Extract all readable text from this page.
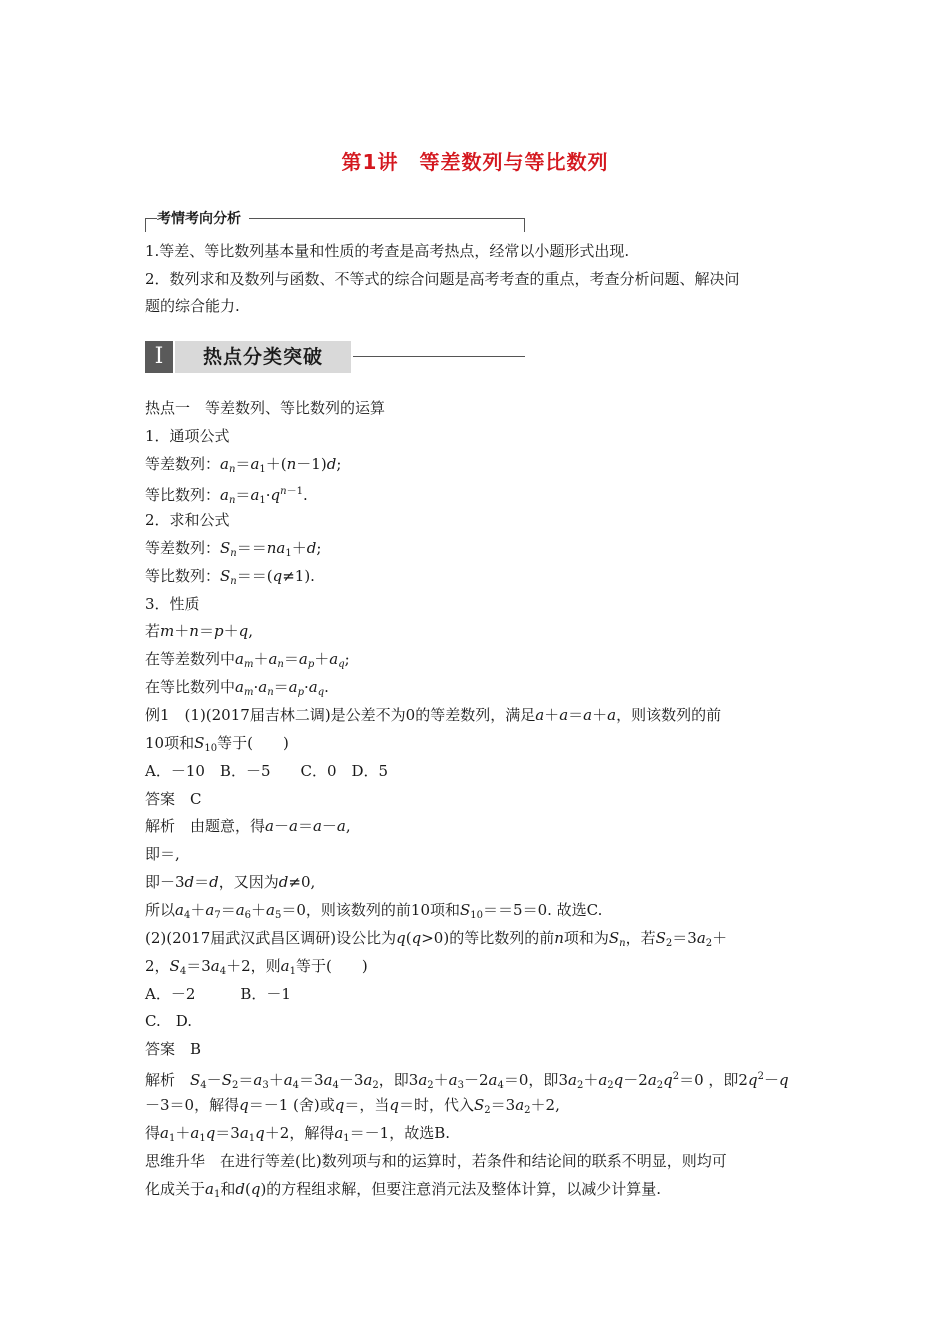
第1讲　等差数列与等比数列
考情考向分析
1.等差、等比数列基本量和性质的考查是高考热点，经常以小题形式出现.
2．数列求和及数列与函数、不等式的综合问题是高考考查的重点，考查分析问题、解决问
题的综合能力.
Ⅰ	热点分类突破
热点一　等差数列、等比数列的运算
1．通项公式
等差数列：$a_n=a_1+(n-1)d$;
等比数列：$a_n=a_1\cdot q^{n-1}$.
2．求和公式
等差数列：$S_n==na_1+d$;
等比数列：$S_n==(q\ne 1)$.
3．性质
若m＋n＝p＋q,
在等差数列中$a_m+a_n=a_p+a_q$;
在等比数列中$a_m\cdot a_n=a_p\cdot a_q$.
例1　(1)(2017届吉林二调)是公差不为0的等差数列，满足a＋a＝a＋a，则该数列的前
10项和$S_{10}$等于(　　)
A．－10　B．－5　　C．0　D．5
答案　C
解析　由题意，得a－a＝a－a,
即＝,
即－3d＝d，又因为d≠0,
所以$a_4+a_7=a_6+a_5=0$，则该数列的前10项和$S_{10}==5=0$. 故选C.
(2)(2017届武汉武昌区调研)设公比为q(q>0)的等比数列的前n项和为$S_n$，若$S_2=3a_2+$
2，$S_4=3a_4+2$，则$a_1$等于(　　)
A．－2　　　B．－1
C.　D.
答案　B
解析　$S_4-S_2=a_3+a_4=3a_4-3a_2$，即$3a_2+a_3-2a_4=0$，即$3a_2+a_2q-2a_2q^2=0$ ，即$2q^2-q$
－3＝0，解得q＝－1 (舍)或q＝，当q＝时，代入$S_2=3a_2+2$,
得$a_1+a_1q=3a_1q+2$，解得$a_1=-1$，故选B.
思维升华　在进行等差(比)数列项与和的运算时，若条件和结论间的联系不明显，则均可
化成关于$a_1$和d(q)的方程组求解，但要注意消元法及整体计算，以减少计算量.
